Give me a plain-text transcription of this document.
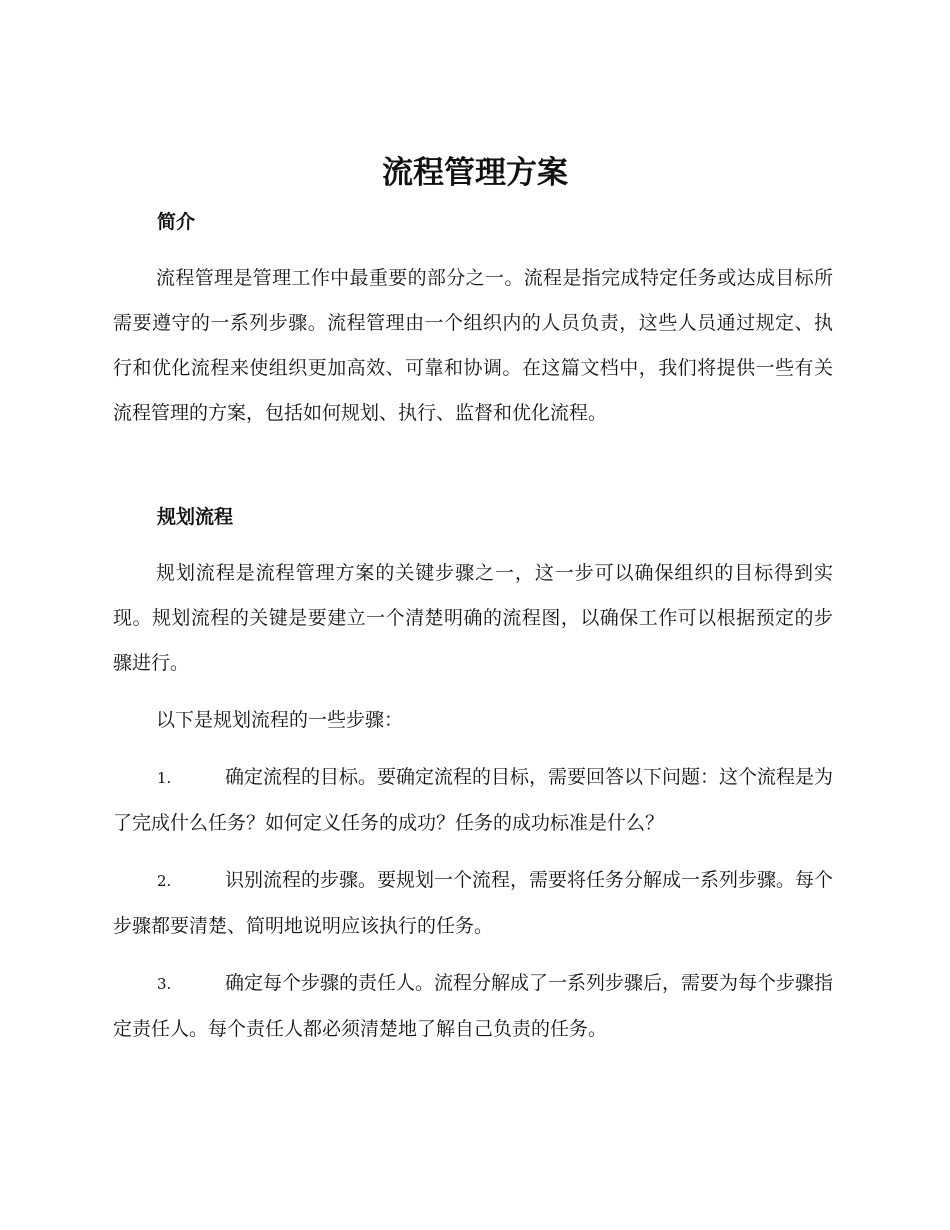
流程管理方案
简介

流程管理是管理工作中最重要的部分之一。流程是指完成特定任务或达成目标所需要遵守的一系列步骤。流程管理由一个组织内的人员负责，这些人员通过规定、执行和优化流程来使组织更加高效、可靠和协调。在这篇文档中，我们将提供一些有关流程管理的方案，包括如何规划、执行、监督和优化流程。

规划流程

规划流程是流程管理方案的关键步骤之一，这一步可以确保组织的目标得到实现。规划流程的关键是要建立一个清楚明确的流程图，以确保工作可以根据预定的步骤进行。

以下是规划流程的一些步骤：

1.	确定流程的目标。要确定流程的目标，需要回答以下问题：这个流程是为了完成什么任务？如何定义任务的成功？任务的成功标准是什么？

2.	识别流程的步骤。要规划一个流程，需要将任务分解成一系列步骤。每个步骤都要清楚、简明地说明应该执行的任务。

3.	确定每个步骤的责任人。流程分解成了一系列步骤后，需要为每个步骤指定责任人。每个责任人都必须清楚地了解自己负责的任务。
